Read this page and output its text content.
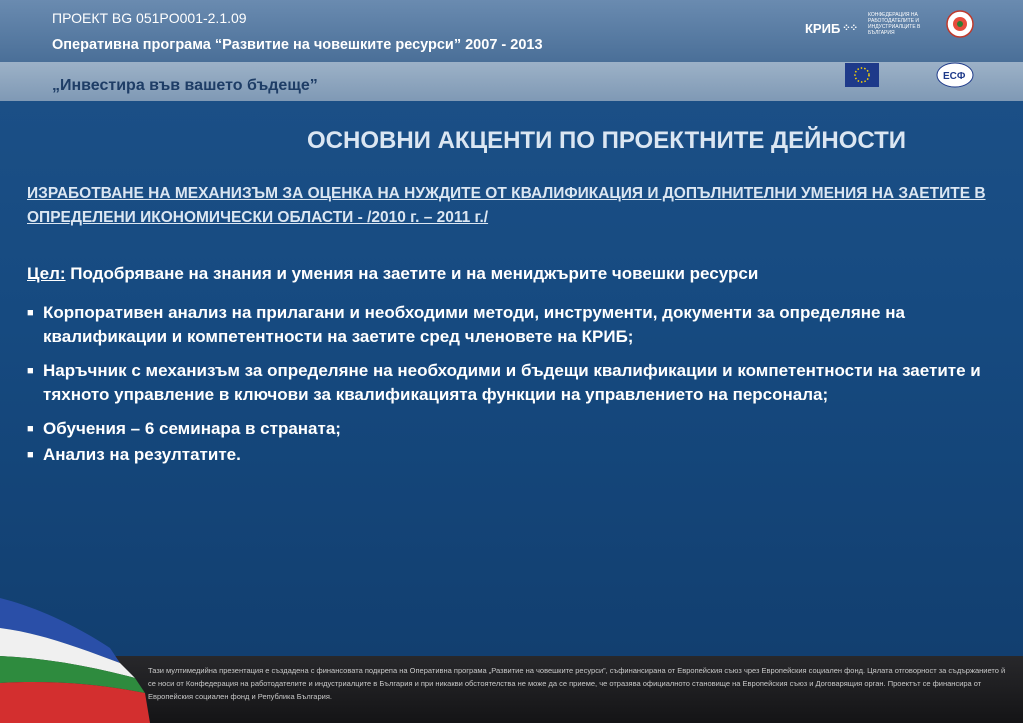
ПРОЕКТ BG 051PO001-2.1.09
Оперативна програма “Развитие на човешките ресурси” 2007 - 2013
„Инвестира във вашето бъдеще”
КРИБ ⁘⁘
КОНФЕДЕРАЦИЯ НА РАБОТОДАТЕЛИТЕ И ИНДУСТРИАЛЦИТЕ В БЪЛГАРИЯ
ЕСФ
ОСНОВНИ АКЦЕНТИ ПО ПРОЕКТНИТЕ ДЕЙНОСТИ
ИЗРАБОТВАНЕ НА МЕХАНИЗЪМ ЗА ОЦЕНКА НА НУЖДИТЕ ОТ КВАЛИФИКАЦИЯ И ДОПЪЛНИТЕЛНИ УМЕНИЯ НА ЗАЕТИТЕ В ОПРЕДЕЛЕНИ ИКОНОМИЧЕСКИ ОБЛАСТИ - /2010 г. – 2011 г./
Цел: Подобряване на знания и умения на заетите и на мениджърите човешки ресурси
■ Корпоративен анализ на прилагани и необходими методи, инструменти, документи за определяне на квалификации и компетентности на заетите сред членовете на КРИБ;
■ Наръчник с механизъм за определяне на необходими и бъдещи квалификации и компетентности на заетите и тяхното управление в ключови за квалификацията функции на управлението на персонала;
■ Обучения – 6 семинара в страната;
■ Анализ на резултатите.
Тази мултимедийна презентация е създадена с финансовата подкрепа на Оперативна програма „Развитие на човешките ресурси”, съфинансирана от Европейския съюз чрез Европейския социален фонд. Цялата отговорност за съдържанието й се носи от Конфедерация на работодателите и индустриалците в България и при никакви обстоятелства не може да се приеме, че отразява официалното становище на Европейския съюз и Договарящия орган. Проектът се финансира от Европейския социален фонд и Република България.
